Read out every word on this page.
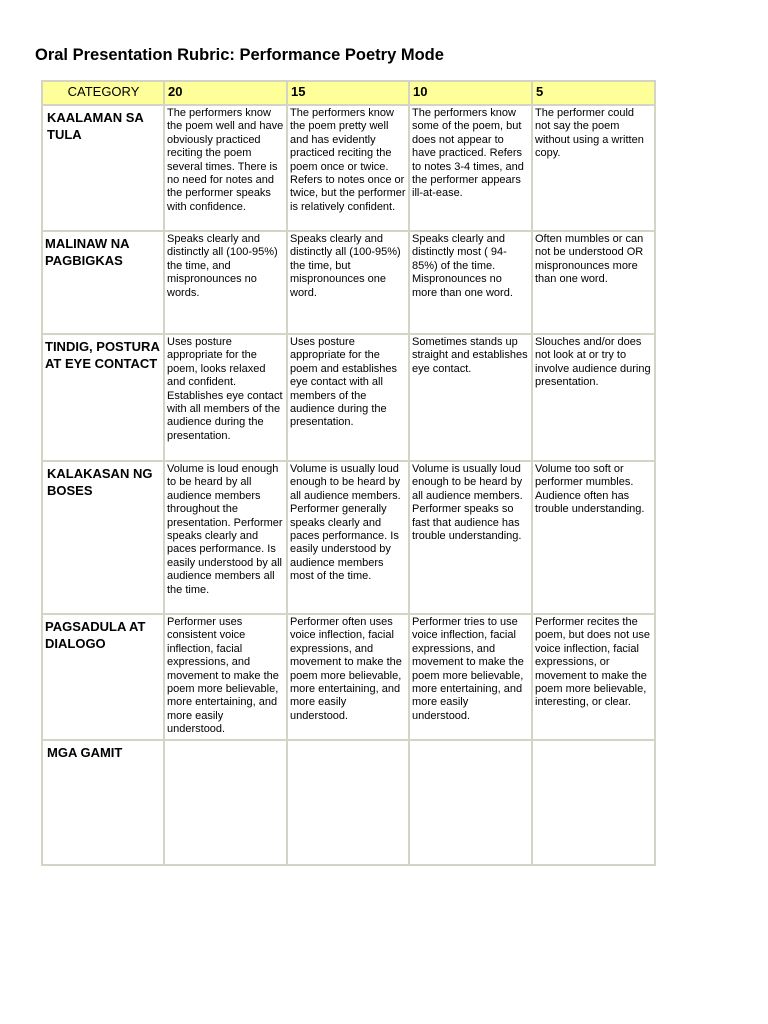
Oral Presentation Rubric: Performance Poetry Mode
CATEGORY	20	15	10	5
KAALAMAN SA TULA	The performers know the poem well and have obviously practiced reciting the poem several times. There is no need for notes and the performer speaks with confidence.	The performers know the poem pretty well and has evidently practiced reciting the poem once or twice. Refers to notes once or twice, but the performer is relatively confident.	The performers know some of the poem, but does not appear to have practiced. Refers to notes 3-4 times, and the performer appears ill-at-ease.	The performer could not say the poem without using a written copy.
MALINAW NA PAGBIGKAS	Speaks clearly and distinctly all (100-95%) the time, and mispronounces no words.	Speaks clearly and distinctly all (100-95%) the time, but mispronounces one word.	Speaks clearly and distinctly most ( 94-85%) of the time. Mispronounces no more than one word.	Often mumbles or can not be understood OR mispronounces more than one word.
TINDIG, POSTURA AT EYE CONTACT	Uses posture appropriate for the poem, looks relaxed and confident. Establishes eye contact with all members of the audience during the presentation.	Uses posture appropriate for the poem and establishes eye contact with all members of the audience during the presentation.	Sometimes stands up straight and establishes eye contact.	Slouches and/or does not look at or try to involve audience during presentation.
KALAKASAN NG BOSES	Volume is loud enough to be heard by all audience members throughout the presentation. Performer speaks clearly and paces performance. Is easily understood by all audience members all the time.	Volume is usually loud enough to be heard by all audience members. Performer generally speaks clearly and paces performance. Is easily understood by audience members most of the time.	Volume is usually loud enough to be heard by all audience members. Performer speaks so fast that audience has trouble understanding.	Volume too soft or performer mumbles. Audience often has trouble understanding.
PAGSADULA AT DIALOGO	Performer uses consistent voice inflection, facial expressions, and movement to make the poem more believable, more entertaining, and more easily understood.	Performer often uses voice inflection, facial expressions, and movement to make the poem more believable, more entertaining, and more easily understood.	Performer tries to use voice inflection, facial expressions, and movement to make the poem more believable, more entertaining, and more easily understood.	Performer recites the poem, but does not use voice inflection, facial expressions, or movement to make the poem more believable, interesting, or clear.
MGA GAMIT				
